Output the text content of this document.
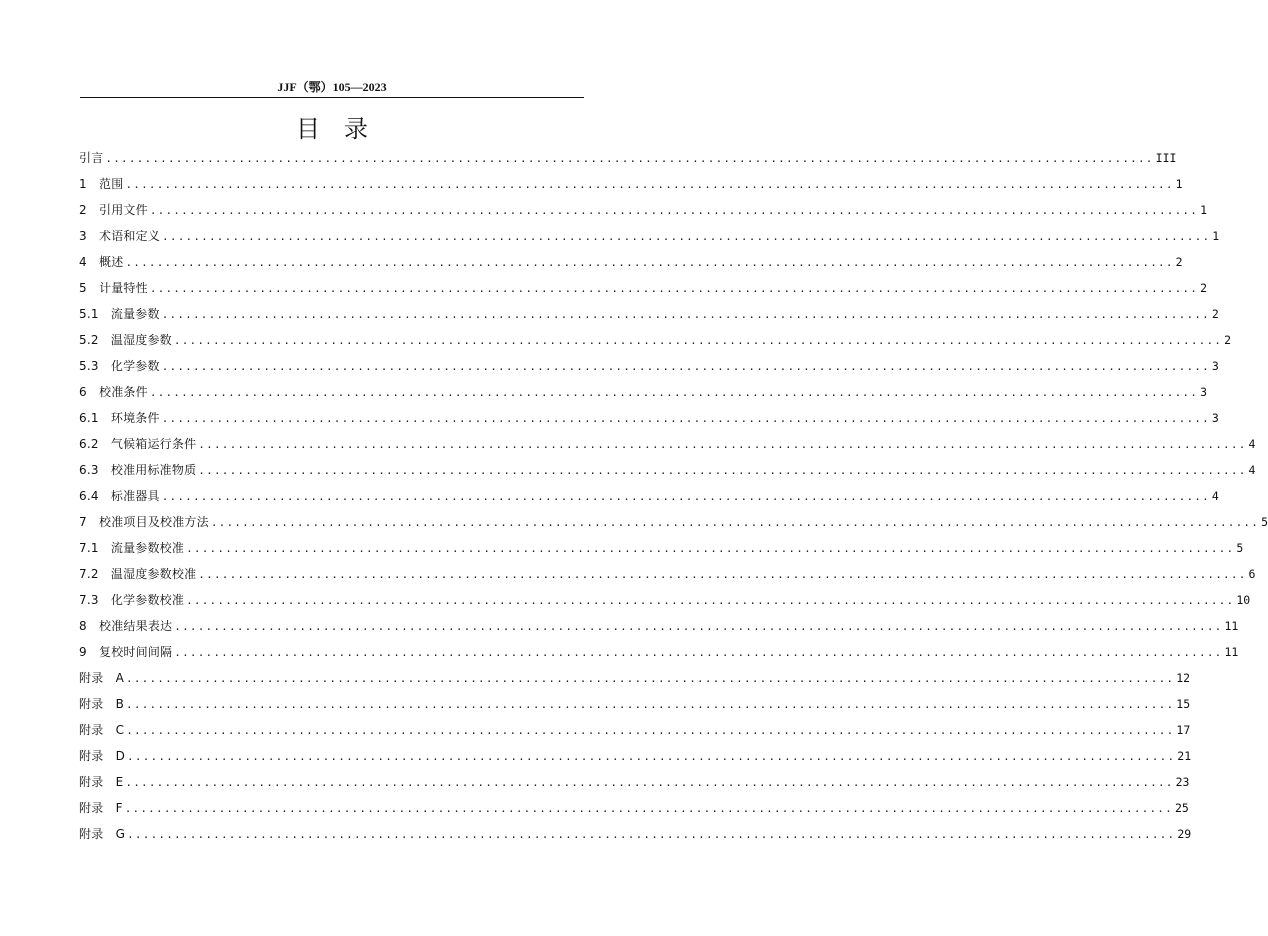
JJF（鄂）105—2023
目　录
引言 ...................................................................................................................................... III
1　范围 ...................................................................................................................................... 1
2　引用文件 ...................................................................................................................................... 1
3　术语和定义 ...................................................................................................................................... 1
4　概述 ...................................................................................................................................... 2
5　计量特性 ...................................................................................................................................... 2
5.1　流量参数 ...................................................................................................................................... 2
5.2　温湿度参数 ...................................................................................................................................... 2
5.3　化学参数 ...................................................................................................................................... 3
6　校准条件 ...................................................................................................................................... 3
6.1　环境条件 ...................................................................................................................................... 3
6.2　气候箱运行条件 ...................................................................................................................................... 4
6.3　校准用标准物质 ...................................................................................................................................... 4
6.4　标准器具 ...................................................................................................................................... 4
7　校准项目及校准方法 ...................................................................................................................................... 5
7.1　流量参数校准 ...................................................................................................................................... 5
7.2　温湿度参数校准 ...................................................................................................................................... 6
7.3　化学参数校准 ...................................................................................................................................... 10
8　校准结果表达 ...................................................................................................................................... 11
9　复校时间间隔 ...................................................................................................................................... 11
附录　A ...................................................................................................................................... 12
附录　B ...................................................................................................................................... 15
附录　C ...................................................................................................................................... 17
附录　D ...................................................................................................................................... 21
附录　E ...................................................................................................................................... 23
附录　F ...................................................................................................................................... 25
附录　G ...................................................................................................................................... 29
